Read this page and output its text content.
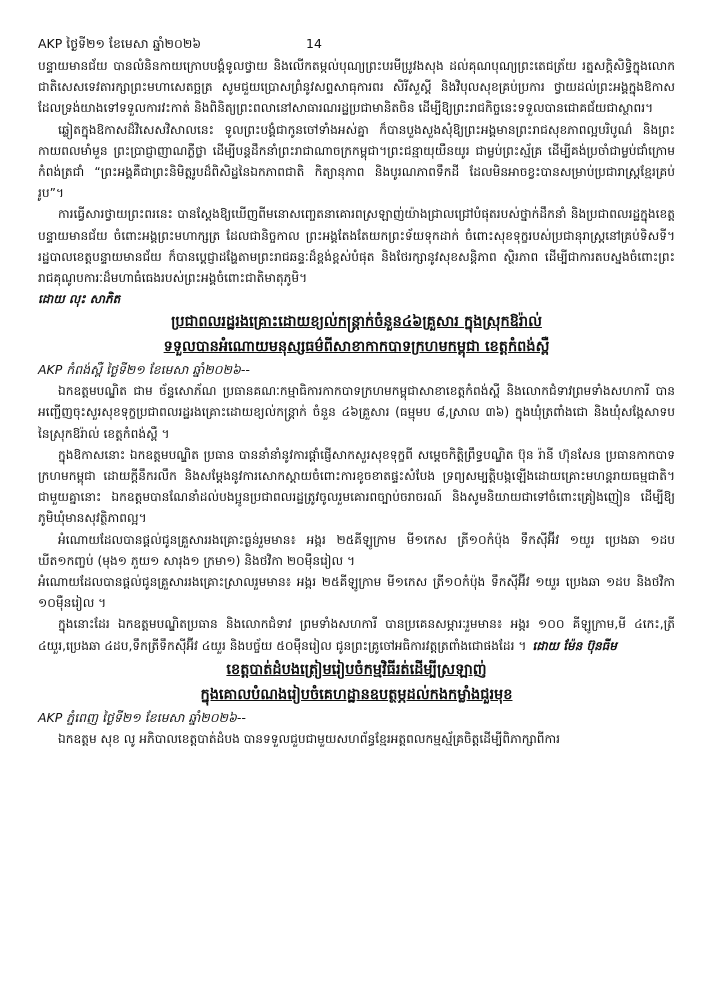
AKP ថ្ងៃទី២១ ខែមេសា ឆ្នាំ២០២៦	14

បន្ទាយមានជ័យ បានលំនិនកាយក្រោបបង្គំទូលថ្វាយ និងលើកតម្កល់បុណ្យព្រះបរមីប្រូវងសុង ដល់គុណបុណ្យព្រះតេជត្រ័យ រត្នសក្តិសិទ្ធិក្នុងលោក ជាតិសេសទេវតារក្សាព្រះមហាសេតច្ឆត្រ សូមជួយប្រោសព្រំនូវសព្ទសាធុការពរ សិរីសួស្តី និងវិបុលសុខគ្រប់ប្រការ ថ្វាយដល់ព្រះអង្គក្នុងឱកាសដែលទ្រង់យាងទៅទទួលការវះកាត់ និងពិនិត្យព្រះពលានៅសាធារណរដ្ឋប្រជាមានិតចិន ដើម្បីឱ្យព្រះរាជកិច្ចនេះទទួលបានជោគជ័យជាស្ថាពរ។

ឆ្លៀតក្នុងឱកាសដ៏វិសេសវិសាលនេះ ទូលព្រះបង្គំជាកូនចៅទាំងអស់គ្នា ក៏បានបួងសួងសុំឱ្យព្រះអង្គមានព្រះរាជសុខភាពល្អបរិបូណ៌ និងព្រះកាយពលមាំមួន ព្រះប្រាជ្ញាញាណភ្លឺថ្លា ដើម្បីបន្តដឹកនាំព្រះរាជាណាចក្រកម្ពុជា។ព្រះជន្មាយុយឺនយូរ ជាម្លប់ព្រះស្ម័គ្រ ដើម្បីគង់ប្រចាំជាម្លប់ជាំក្រោមកំពង់ត្រជាំ “ព្រះអង្គគឺជាព្រះនិមិត្តរូបដ៏ពិសិដ្ឋនៃឯកភាពជាតិ កិត្យានុភាព និងបូរណភាពទឹកដី ដែលមិនអាចខ្វះបានសម្រាប់ប្រជារាស្ត្រខ្មែរគ្រប់រូប”។

ការធ្វើសារថ្វាយព្រះពរនេះ បានស្តែងឱ្យឃើញពីមនោសញ្ចេតនាគោរពស្រឡាញ់យ៉ាងជ្រាលជ្រៅបំផុតរបស់ថ្នាក់ដឹកនាំ និងប្រជាពលរដ្ឋក្នុងខេត្តបន្ទាយមានជ័យ ចំពោះអង្គព្រះមហាក្សត្រ ដែលជានិច្ចកាល ព្រះអង្គតែងតែយកព្រះទ័យទុកដាក់ ចំពោះសុខទុក្ខរបស់ប្រជានុរាស្ត្រនៅគ្រប់ទិសទី។ រដ្ឋបាលខេត្តបន្ទាយមានជ័យ ក៏បានប្ដេជ្ញាដង្ហែតាមព្រះរាជឆន្ទៈដ៏ខ្ពង់ខ្ពស់បំផុត និងថែរក្សានូវសុខសន្តិភាព ស្ថិរភាព ដើម្បីជាការតបស្នងចំពោះព្រះរាជគុណូបការៈដ៏មហាធំធេងរបស់ព្រះអង្គចំពោះជាតិមាតុភូមិ។

ដោយ លុះ សាភិត
ប្រជាពលរដ្ឋរងគ្រោះដោយខ្យល់កន្ត្រាក់ចំនួន៤៦គ្រួសារ ក្នុងស្រុកឱរ៉ាល់
ទទួលបានអំណោយមនុស្សធម៌ពីសាខាកាកបាទក្រហមកម្ពុជា ខេត្តកំពង់ស្ពឺ
AKP កំពង់ស្ពឺ ថ្ងៃទី២១ ខែមេសា ឆ្នាំ២០២៦--

ឯកឧត្តមបណ្ឌិត ជាម ច័ន្ទសោភ័ណ ប្រធានគណៈកម្មាធិការកាកបាទក្រហមកម្ពុជាសាខាខេត្តកំពង់ស្ពឺ និងលោកជំទាវព្រមទាំងសហការី បានអញ្ជើញចុះសួរសុខទុក្ខប្រជាពលរដ្ឋរងគ្រោះដោយខ្យល់កន្ត្រាក់ ចំនួន ៤៦គ្រួសារ (ធម្មុមប ៨,ស្រាល ៣៦) ក្នុងឃុំត្រពាំងជោ និងឃុំសង្កែសាទប នៃស្រុកឱរ៉ាល់ ខេត្តកំពង់ស្ពឺ ។

ក្នុងឱកាសនោះ ឯកឧត្តមបណ្ឌិត ប្រធាន បាននាំនាំនូវការផ្តាំផ្ញើសាកសួរសុខទុក្ខពី សម្តេចកិត្តិព្រឹទ្ធបណ្ឌិត ប៊ុន រ៉ានី ហ៊ុនសែន ប្រធានកាកបាទក្រហមកម្ពុជា ដោយក្តីនឹករលឹក និងសម្តែងនូវការសោកស្តាយចំពោះការខូចខាតផ្ទះសំបែង ទ្រព្យសម្បត្តិបង្កឡើងដោយគ្រោះមហន្តរាយធម្មជាតិ។ ជាមួយគ្នានោះ ឯកឧត្តមបានណែនាំដល់បងប្អូនប្រជាពលរដ្ឋត្រូវចូលរួមគោរពច្បាប់ចរាចរណ៍ និងសូមនិយាយជាទៅចំពោះគ្រៀងញៀន ដើម្បីឱ្យភូមិឃុំមានសុវត្ថិភាពល្អ។

អំណោយដែលបានផ្តល់ជូនគ្រួសាររងគ្រោះធ្ងន់រួមមាន៖ អង្ករ ២៥គីឡូក្រាម មី១កេស ត្រី១០កំប៉ុង ទឹកស៊ីអ៊ីវ ១យួរ ប្រេងឆា ១ដប ឃីត១កញ្ចប់ (មុង១ ភួយ១ សារុង១ ក្រមា១) និងថវិកា ២០ម៉ឺនរៀល ។

អំណោយដែលបានផ្តល់ជូនគ្រួសាររងគ្រោះស្រាលរួមមាន៖ អង្ករ ២៥គីឡូក្រាម មី១កេស ត្រី១០កំប៉ុង ទឹកស៊ីអ៊ីវ ១យួរ ប្រេងឆា ១ដប និងថវិកា ១០ម៉ឺនរៀល ។

ក្នុងនោះដែរ ឯកឧត្តមបណ្ឌិតប្រធាន និងលោកជំទាវ ព្រមទាំងសហការី បានប្រគេនសម្ភារៈរួមមាន៖ អង្ករ ១០០ គីឡូក្រាម,មី ៤កេះ,ត្រី ៤យួរ,ប្រេងឆា ៤ដប,ទឹកត្រីទឹកស៊ីអ៊ីវ ៤យួរ និងបច្ច័យ ៥០ម៉ឺនរៀល ជូនព្រះគ្រូចៅអធិការវត្តត្រពាំងជោផងដែរ ។ ដោយ ម៉ែន ប៊ុនធីម

ខេត្តបាត់ដំបងត្រៀមរៀបចំកម្មវិធីរត់ដើម្បីស្រឡាញ់
ក្នុងគោលបំណងរៀបចំគេហដ្ឋានឧបត្ថម្ភដល់កងកម្លាំងជួរមុខ
AKP ភ្នំពេញ ថ្ងៃទី២១ ខែមេសា ឆ្នាំ២០២៦--

ឯកឧត្តម សុខ លូ អភិបាលខេត្តបាត់ដំបង បានទទួលជួបជាមួយសហព័ន្ធខ្មែរអត្តពលកម្មស្ម័គ្រចិត្តដើម្បីពិភាក្សាពីការ
